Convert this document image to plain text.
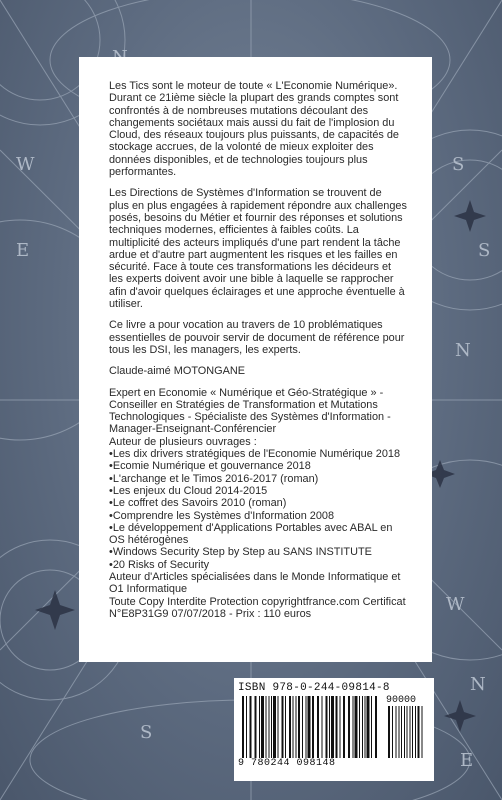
W	S
E	S
N
W
N
S
E
Les Tics sont le moteur de toute « L'Economie Numérique».
Durant ce 21ième siècle la plupart des grands comptes sont
confrontés à de nombreuses mutations découlant des
changements sociétaux mais aussi du fait de l'implosion du
Cloud, des réseaux toujours plus puissants, de capacités de
stockage accrues, de la volonté de mieux exploiter des
données disponibles, et de technologies toujours plus
performantes.
Les Directions de Systèmes d'Information se trouvent de
plus en plus engagées à rapidement répondre aux challenges
posés, besoins du Métier et fournir des réponses et solutions
techniques modernes, efficientes à faibles coûts. La
multiplicité des acteurs impliqués d'une part rendent la tâche
ardue et d'autre part augmentent les risques et les failles en
sécurité. Face à toute ces transformations les décideurs et
les experts doivent avoir une bible à laquelle se rapprocher
afin d'avoir quelques éclairages et une approche éventuelle à
utiliser.
Ce livre a pour vocation au travers de 10 problématiques
essentielles de pouvoir servir de document de référence pour
tous les DSI, les managers, les experts.
Claude-aimé MOTONGANE
Expert en Economie « Numérique et Géo-Stratégique » -
Conseiller en Stratégies de Transformation et Mutations
Technologiques - Spécialiste des Systèmes d'Information -
Manager-Enseignant-Conférencier
Auteur de plusieurs ouvrages :
•Les dix drivers stratégiques de l'Economie Numérique 2018
•Ecomie Numérique et gouvernance 2018
•L'archange et le Timos 2016-2017 (roman)
•Les enjeux du Cloud 2014-2015
•Le coffret des Savoirs 2010 (roman)
•Comprendre les Systèmes d'Information 2008
•Le développement d'Applications Portables avec ABAL en
OS hétérogènes
•Windows Security Step by Step au SANS INSTITUTE
•20 Risks of Security
Auteur d'Articles spécialisées dans le Monde Informatique et
O1 Informatique
Toute Copy Interdite Protection copyrightfrance.com Certificat
N°E8P31G9 07/07/2018 - Prix : 110 euros
ISBN 978-0-244-09814-8
90000
9 780244 098148
